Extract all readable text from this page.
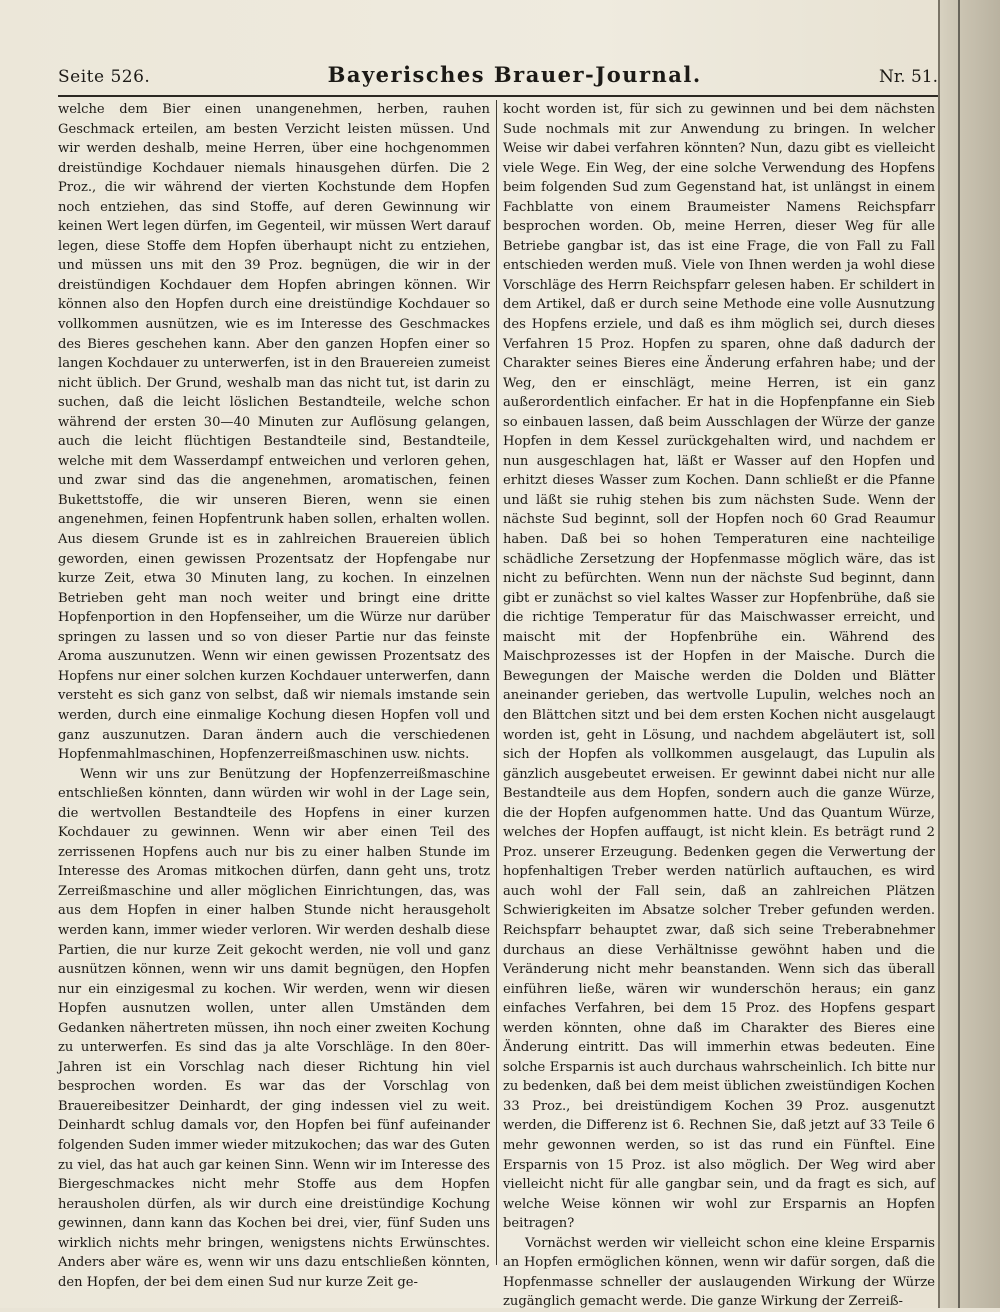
Seite 526.	Bayerisches Brauer-Journal.	Nr. 51.

welche dem Bier einen unangenehmen, herben, rauhen Geschmack erteilen, am besten Verzicht leisten müssen. Und wir werden deshalb, meine Herren, über eine hochgenommen dreistündige Kochdauer niemals hinausgehen dürfen. Die 2 Proz., die wir während der vierten Kochstunde dem Hopfen noch entziehen, das sind Stoffe, auf deren Gewinnung wir keinen Wert legen dürfen, im Gegenteil, wir müssen Wert darauf legen, diese Stoffe dem Hopfen überhaupt nicht zu entziehen, und müssen uns mit den 39 Proz. begnügen, die wir in der dreistündigen Kochdauer dem Hopfen abringen können. Wir können also den Hopfen durch eine dreistündige Kochdauer so vollkommen ausnützen, wie es im Interesse des Geschmackes des Bieres geschehen kann. Aber den ganzen Hopfen einer so langen Kochdauer zu unterwerfen, ist in den Brauereien zumeist nicht üblich. Der Grund, weshalb man das nicht tut, ist darin zu suchen, daß die leicht löslichen Bestandteile, welche schon während der ersten 30—40 Minuten zur Auflösung gelangen, auch die leicht flüchtigen Bestandteile sind, Bestandteile, welche mit dem Wasserdampf entweichen und verloren gehen, und zwar sind das die angenehmen, aromatischen, feinen Bukettstoffe, die wir unseren Bieren, wenn sie einen angenehmen, feinen Hopfentrunk haben sollen, erhalten wollen. Aus diesem Grunde ist es in zahlreichen Brauereien üblich geworden, einen gewissen Prozentsatz der Hopfengabe nur kurze Zeit, etwa 30 Minuten lang, zu kochen. In einzelnen Betrieben geht man noch weiter und bringt eine dritte Hopfenportion in den Hopfenseiher, um die Würze nur darüber springen zu lassen und so von dieser Partie nur das feinste Aroma auszunutzen. Wenn wir einen gewissen Prozentsatz des Hopfens nur einer solchen kurzen Kochdauer unterwerfen, dann versteht es sich ganz von selbst, daß wir niemals imstande sein werden, durch eine einmalige Kochung diesen Hopfen voll und ganz auszunutzen. Daran ändern auch die verschiedenen Hopfenmahlmaschinen, Hopfenzerreißmaschinen usw. nichts.

Wenn wir uns zur Benützung der Hopfenzerreißmaschine entschließen könnten, dann würden wir wohl in der Lage sein, die wertvollen Bestandteile des Hopfens in einer kurzen Kochdauer zu gewinnen. Wenn wir aber einen Teil des zerrissenen Hopfens auch nur bis zu einer halben Stunde im Interesse des Aromas mitkochen dürfen, dann geht uns, trotz Zerreißmaschine und aller möglichen Einrichtungen, das, was aus dem Hopfen in einer halben Stunde nicht herausgeholt werden kann, immer wieder verloren. Wir werden deshalb diese Partien, die nur kurze Zeit gekocht werden, nie voll und ganz ausnützen können, wenn wir uns damit begnügen, den Hopfen nur ein einzigesmal zu kochen. Wir werden, wenn wir diesen Hopfen ausnutzen wollen, unter allen Umständen dem Gedanken nähertreten müssen, ihn noch einer zweiten Kochung zu unterwerfen. Es sind das ja alte Vorschläge. In den 80er-Jahren ist ein Vorschlag nach dieser Richtung hin viel besprochen worden. Es war das der Vorschlag von Brauereibesitzer Deinhardt, der ging indessen viel zu weit. Deinhardt schlug damals vor, den Hopfen bei fünf aufeinander folgenden Suden immer wieder mitzukochen; das war des Guten zu viel, das hat auch gar keinen Sinn. Wenn wir im Interesse des Biergeschmackes nicht mehr Stoffe aus dem Hopfen herausholen dürfen, als wir durch eine dreistündige Kochung gewinnen, dann kann das Kochen bei drei, vier, fünf Suden uns wirklich nichts mehr bringen, wenigstens nichts Erwünschtes. Anders aber wäre es, wenn wir uns dazu entschließen könnten, den Hopfen, der bei dem einen Sud nur kurze Zeit ge-

kocht worden ist, für sich zu gewinnen und bei dem nächsten Sude nochmals mit zur Anwendung zu bringen. In welcher Weise wir dabei verfahren könnten? Nun, dazu gibt es vielleicht viele Wege. Ein Weg, der eine solche Verwendung des Hopfens beim folgenden Sud zum Gegenstand hat, ist unlängst in einem Fachblatte von einem Braumeister Namens Reichspfarr besprochen worden. Ob, meine Herren, dieser Weg für alle Betriebe gangbar ist, das ist eine Frage, die von Fall zu Fall entschieden werden muß. Viele von Ihnen werden ja wohl diese Vorschläge des Herrn Reichspfarr gelesen haben. Er schildert in dem Artikel, daß er durch seine Methode eine volle Ausnutzung des Hopfens erziele, und daß es ihm möglich sei, durch dieses Verfahren 15 Proz. Hopfen zu sparen, ohne daß dadurch der Charakter seines Bieres eine Änderung erfahren habe; und der Weg, den er einschlägt, meine Herren, ist ein ganz außerordentlich einfacher. Er hat in die Hopfenpfanne ein Sieb so einbauen lassen, daß beim Ausschlagen der Würze der ganze Hopfen in dem Kessel zurückgehalten wird, und nachdem er nun ausgeschlagen hat, läßt er Wasser auf den Hopfen und erhitzt dieses Wasser zum Kochen. Dann schließt er die Pfanne und läßt sie ruhig stehen bis zum nächsten Sude. Wenn der nächste Sud beginnt, soll der Hopfen noch 60 Grad Reaumur haben. Daß bei so hohen Temperaturen eine nachteilige schädliche Zersetzung der Hopfenmasse möglich wäre, das ist nicht zu befürchten. Wenn nun der nächste Sud beginnt, dann gibt er zunächst so viel kaltes Wasser zur Hopfenbrühe, daß sie die richtige Temperatur für das Maischwasser erreicht, und maischt mit der Hopfenbrühe ein. Während des Maischprozesses ist der Hopfen in der Maische. Durch die Bewegungen der Maische werden die Dolden und Blätter aneinander gerieben, das wertvolle Lupulin, welches noch an den Blättchen sitzt und bei dem ersten Kochen nicht ausgelaugt worden ist, geht in Lösung, und nachdem abgeläutert ist, soll sich der Hopfen als vollkommen ausgelaugt, das Lupulin als gänzlich ausgebeutet erweisen. Er gewinnt dabei nicht nur alle Bestandteile aus dem Hopfen, sondern auch die ganze Würze, die der Hopfen aufgenommen hatte. Und das Quantum Würze, welches der Hopfen auffaugt, ist nicht klein. Es beträgt rund 2 Proz. unserer Erzeugung. Bedenken gegen die Verwertung der hopfenhaltigen Treber werden natürlich auftauchen, es wird auch wohl der Fall sein, daß an zahlreichen Plätzen Schwierigkeiten im Absatze solcher Treber gefunden werden. Reichspfarr behauptet zwar, daß sich seine Treberabnehmer durchaus an diese Verhältnisse gewöhnt haben und die Veränderung nicht mehr beanstanden. Wenn sich das überall einführen ließe, wären wir wunderschön heraus; ein ganz einfaches Verfahren, bei dem 15 Proz. des Hopfens gespart werden könnten, ohne daß im Charakter des Bieres eine Änderung eintritt. Das will immerhin etwas bedeuten. Eine solche Ersparnis ist auch durchaus wahrscheinlich. Ich bitte nur zu bedenken, daß bei dem meist üblichen zweistündigen Kochen 33 Proz., bei dreistündigem Kochen 39 Proz. ausgenutzt werden, die Differenz ist 6. Rechnen Sie, daß jetzt auf 33 Teile 6 mehr gewonnen werden, so ist das rund ein Fünftel. Eine Ersparnis von 15 Proz. ist also möglich. Der Weg wird aber vielleicht nicht für alle gangbar sein, und da fragt es sich, auf welche Weise können wir wohl zur Ersparnis an Hopfen beitragen?

Vornächst werden wir vielleicht schon eine kleine Ersparnis an Hopfen ermöglichen können, wenn wir dafür sorgen, daß die Hopfenmasse schneller der auslaugenden Wirkung der Würze zugänglich gemacht werde. Die ganze Wirkung der Zerreiß-
